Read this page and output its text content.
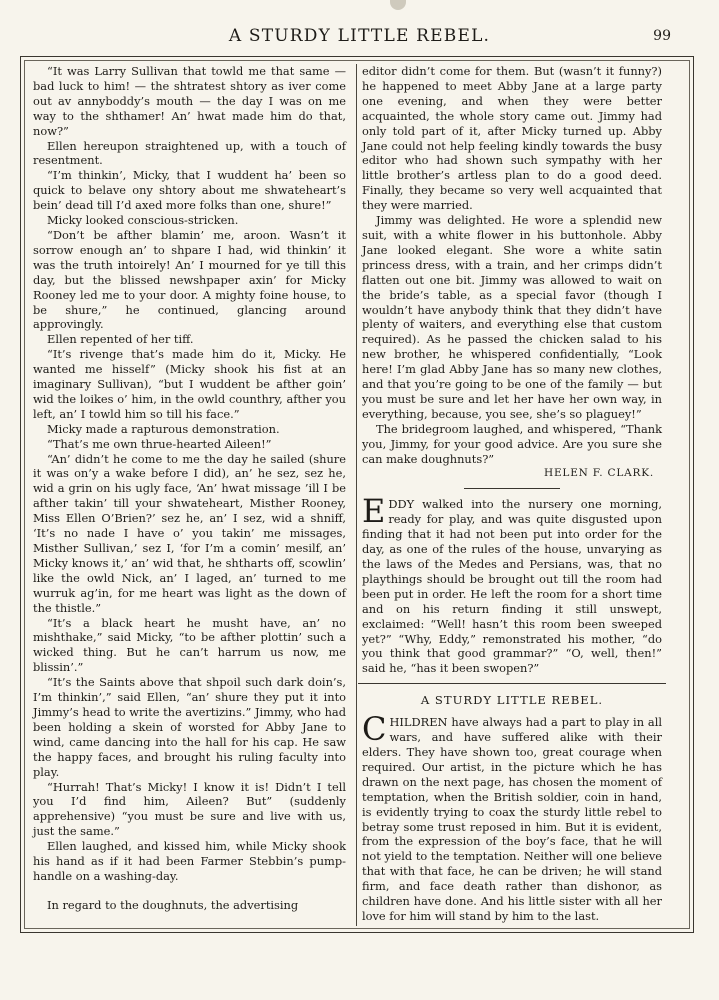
A STURDY LITTLE REBEL.	99

“It was Larry Sullivan that towld me that same — bad luck to him! — the shtratest shtory as iver come out av annyboddy’s mouth — the day I was on me way to the shthamer! An’ hwat made him do that, now?”

Ellen hereupon straightened up, with a touch of resentment.

“I’m thinkin’, Micky, that I wuddent ha’ been so quick to belave ony shtory about me shwateheart’s bein’ dead till I’d axed more folks than one, shure!”

Micky looked conscious-stricken.

“Don’t be afther blamin’ me, aroon. Wasn’t it sorrow enough an’ to shpare I had, wid thinkin’ it was the truth intoirely! An’ I mourned for ye till this day, but the blissed newshpaper axin’ for Micky Rooney led me to your door. A mighty foine house, to be shure,” he continued, glancing around approvingly.

Ellen repented of her tiff.

“It’s rivenge that’s made him do it, Micky. He wanted me hisself” (Micky shook his fist at an imaginary Sullivan), “but I wuddent be afther goin’ wid the loikes o’ him, in the owld counthry, afther you left, an’ I towld him so till his face.”

Micky made a rapturous demonstration.

“That’s me own thrue-hearted Aileen!”

“An’ didn’t he come to me the day he sailed (shure it was on’y a wake before I did), an’ he sez, sez he, wid a grin on his ugly face, ‘An’ hwat missage ’ill I be afther takin’ till your shwateheart, Misther Rooney, Miss Ellen O’Brien?’ sez he, an’ I sez, wid a shniff, ‘It’s no nade I have o’ you takin’ me missages, Misther Sullivan,’ sez I, ‘for I’m a comin’ mesilf, an’ Micky knows it,’ an’ wid that, he shtharts off, scowlin’ like the owld Nick, an’ I laged, an’ turned to me wurruk ag’in, for me heart was light as the down of the thistle.”

“It’s a black heart he musht have, an’ no mishthake,” said Micky, “to be afther plottin’ such a wicked thing. But he can’t harrum us now, me blissin’.”

“It’s the Saints above that shpoil such dark doin’s, I’m thinkin’,” said Ellen, “an’ shure they put it into Jimmy’s head to write the avertizins.” Jimmy, who had been holding a skein of worsted for Abby Jane to wind, came dancing into the hall for his cap. He saw the happy faces, and brought his ruling faculty into play.

“Hurrah! That’s Micky! I know it is! Didn’t I tell you I’d find him, Aileen? But” (suddenly apprehensive) “you must be sure and live with us, just the same.”

Ellen laughed, and kissed him, while Micky shook his hand as if it had been Farmer Stebbin’s pump-handle on a washing-day.

In regard to the doughnuts, the advertising

editor didn’t come for them. But (wasn’t it funny?) he happened to meet Abby Jane at a large party one evening, and when they were better acquainted, the whole story came out. Jimmy had only told part of it, after Micky turned up. Abby Jane could not help feeling kindly towards the busy editor who had shown such sympathy with her little brother’s artless plan to do a good deed. Finally, they became so very well acquainted that they were married.

Jimmy was delighted. He wore a splendid new suit, with a white flower in his buttonhole. Abby Jane looked elegant. She wore a white satin princess dress, with a train, and her crimps didn’t flatten out one bit. Jimmy was allowed to wait on the bride’s table, as a special favor (though I wouldn’t have anybody think that they didn’t have plenty of waiters, and everything else that custom required). As he passed the chicken salad to his new brother, he whispered confidentially, “Look here! I’m glad Abby Jane has so many new clothes, and that you’re going to be one of the family — but you must be sure and let her have her own way, in everything, because, you see, she’s so plaguey!”

The bridegroom laughed, and whispered, “Thank you, Jimmy, for your good advice. Are you sure she can make doughnuts?”

HELEN F. CLARK.

EDDY walked into the nursery one morning, ready for play, and was quite disgusted upon finding that it had not been put into order for the day, as one of the rules of the house, unvarying as the laws of the Medes and Persians, was, that no playthings should be brought out till the room had been put in order. He left the room for a short time and on his return finding it still unswept, exclaimed: “Well! hasn’t this room been sweeped yet?” “Why, Eddy,” remonstrated his mother, “do you think that good grammar?” “O, well, then!” said he, “has it been swopen?”

A STURDY LITTLE REBEL.

CHILDREN have always had a part to play in all wars, and have suffered alike with their elders. They have shown too, great courage when required. Our artist, in the picture which he has drawn on the next page, has chosen the moment of temptation, when the British soldier, coin in hand, is evidently trying to coax the sturdy little rebel to betray some trust reposed in him. But it is evident, from the expression of the boy’s face, that he will not yield to the temptation. Neither will one believe that with that face, he can be driven; he will stand firm, and face death rather than dishonor, as children have done. And his little sister with all her love for him will stand by him to the last.
